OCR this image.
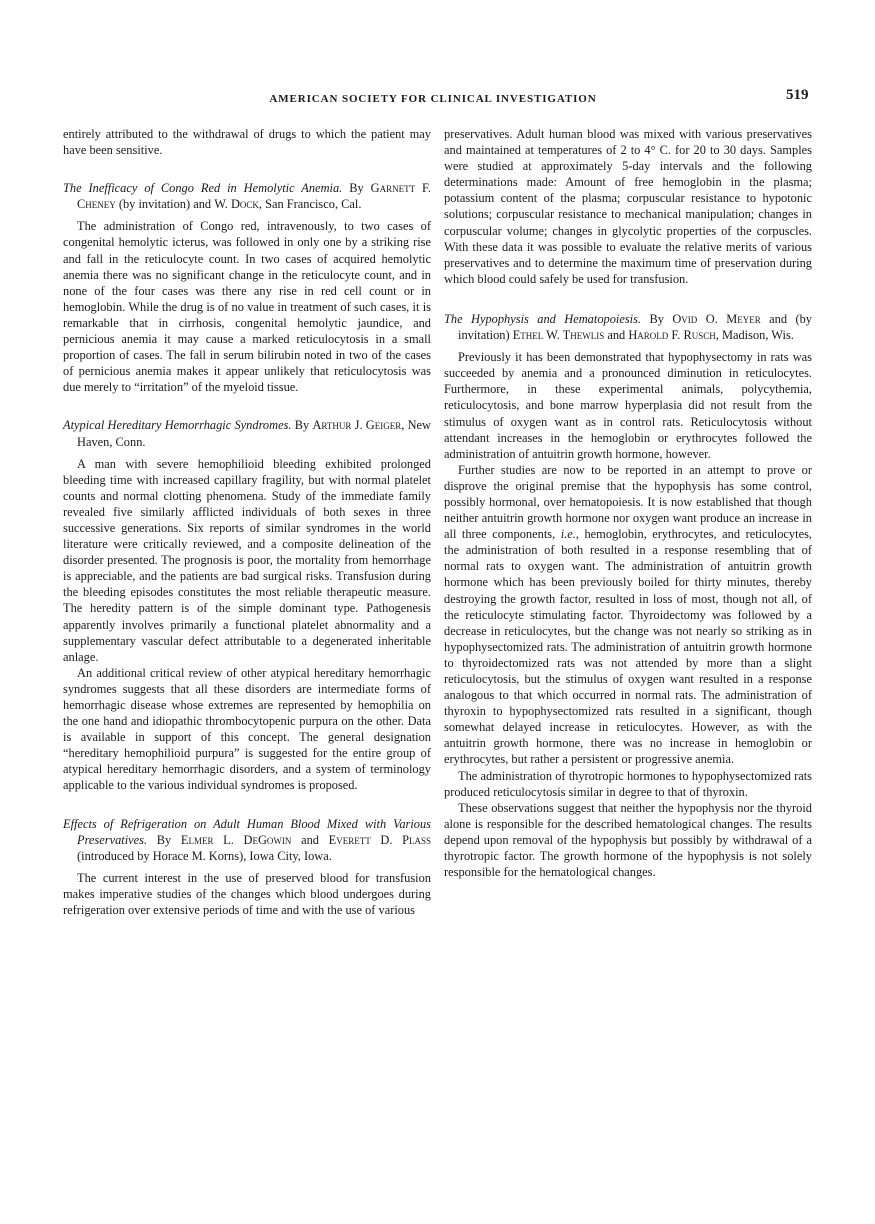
AMERICAN SOCIETY FOR CLINICAL INVESTIGATION	519

entirely attributed to the withdrawal of drugs to which the patient may have been sensitive.

The Inefficacy of Congo Red in Hemolytic Anemia. By Garnett F. Cheney (by invitation) and W. Dock, San Francisco, Cal.

The administration of Congo red, intravenously, to two cases of congenital hemolytic icterus, was followed in only one by a striking rise and fall in the reticulocyte count. In two cases of acquired hemolytic anemia there was no significant change in the reticulocyte count, and in none of the four cases was there any rise in red cell count or in hemoglobin. While the drug is of no value in treatment of such cases, it is remarkable that in cirrhosis, congenital hemolytic jaundice, and pernicious anemia it may cause a marked reticulocytosis in a small proportion of cases. The fall in serum bilirubin noted in two of the cases of pernicious anemia makes it appear unlikely that reticulocytosis was due merely to “irritation” of the myeloid tissue.

Atypical Hereditary Hemorrhagic Syndromes. By Arthur J. Geiger, New Haven, Conn.

A man with severe hemophilioid bleeding exhibited prolonged bleeding time with increased capillary fragility, but with normal platelet counts and normal clotting phenomena. Study of the immediate family revealed five similarly afflicted individuals of both sexes in three successive generations. Six reports of similar syndromes in the world literature were critically reviewed, and a composite delineation of the disorder presented. The prognosis is poor, the mortality from hemorrhage is appreciable, and the patients are bad surgical risks. Transfusion during the bleeding episodes constitutes the most reliable therapeutic measure. The heredity pattern is of the simple dominant type. Pathogenesis apparently involves primarily a functional platelet abnormality and a supplementary vascular defect attributable to a degenerated inheritable anlage.

An additional critical review of other atypical hereditary hemorrhagic syndromes suggests that all these disorders are intermediate forms of hemorrhagic disease whose extremes are represented by hemophilia on the one hand and idiopathic thrombocytopenic purpura on the other. Data is available in support of this concept. The general designation “hereditary hemophilioid purpura” is suggested for the entire group of atypical hereditary hemorrhagic disorders, and a system of terminology applicable to the various individual syndromes is proposed.

Effects of Refrigeration on Adult Human Blood Mixed with Various Preservatives. By Elmer L. DeGowin and Everett D. Plass (introduced by Horace M. Korns), Iowa City, Iowa.

The current interest in the use of preserved blood for transfusion makes imperative studies of the changes which blood undergoes during refrigeration over extensive periods of time and with the use of various

preservatives. Adult human blood was mixed with various preservatives and maintained at temperatures of 2 to 4° C. for 20 to 30 days. Samples were studied at approximately 5-day intervals and the following determinations made: Amount of free hemoglobin in the plasma; potassium content of the plasma; corpuscular resistance to hypotonic solutions; corpuscular resistance to mechanical manipulation; changes in corpuscular volume; changes in glycolytic properties of the corpuscles. With these data it was possible to evaluate the relative merits of various preservatives and to determine the maximum time of preservation during which blood could safely be used for transfusion.

The Hypophysis and Hematopoiesis. By Ovid O. Meyer and (by invitation) Ethel W. Thewlis and Harold F. Rusch, Madison, Wis.

Previously it has been demonstrated that hypophysectomy in rats was succeeded by anemia and a pronounced diminution in reticulocytes. Furthermore, in these experimental animals, polycythemia, reticulocytosis, and bone marrow hyperplasia did not result from the stimulus of oxygen want as in control rats. Reticulocytosis without attendant increases in the hemoglobin or erythrocytes followed the administration of antuitrin growth hormone, however.

Further studies are now to be reported in an attempt to prove or disprove the original premise that the hypophysis has some control, possibly hormonal, over hematopoiesis. It is now established that though neither antuitrin growth hormone nor oxygen want produce an increase in all three components, i.e., hemoglobin, erythrocytes, and reticulocytes, the administration of both resulted in a response resembling that of normal rats to oxygen want. The administration of antuitrin growth hormone which has been previously boiled for thirty minutes, thereby destroying the growth factor, resulted in loss of most, though not all, of the reticulocyte stimulating factor. Thyroidectomy was followed by a decrease in reticulocytes, but the change was not nearly so striking as in hypophysectomized rats. The administration of antuitrin growth hormone to thyroidectomized rats was not attended by more than a slight reticulocytosis, but the stimulus of oxygen want resulted in a response analogous to that which occurred in normal rats. The administration of thyroxin to hypophysectomized rats resulted in a significant, though somewhat delayed increase in reticulocytes. However, as with the antuitrin growth hormone, there was no increase in hemoglobin or erythrocytes, but rather a persistent or progressive anemia.

The administration of thyrotropic hormones to hypophysectomized rats produced reticulocytosis similar in degree to that of thyroxin.

These observations suggest that neither the hypophysis nor the thyroid alone is responsible for the described hematological changes. The results depend upon removal of the hypophysis but possibly by withdrawal of a thyrotropic factor. The growth hormone of the hypophysis is not solely responsible for the hematological changes.
